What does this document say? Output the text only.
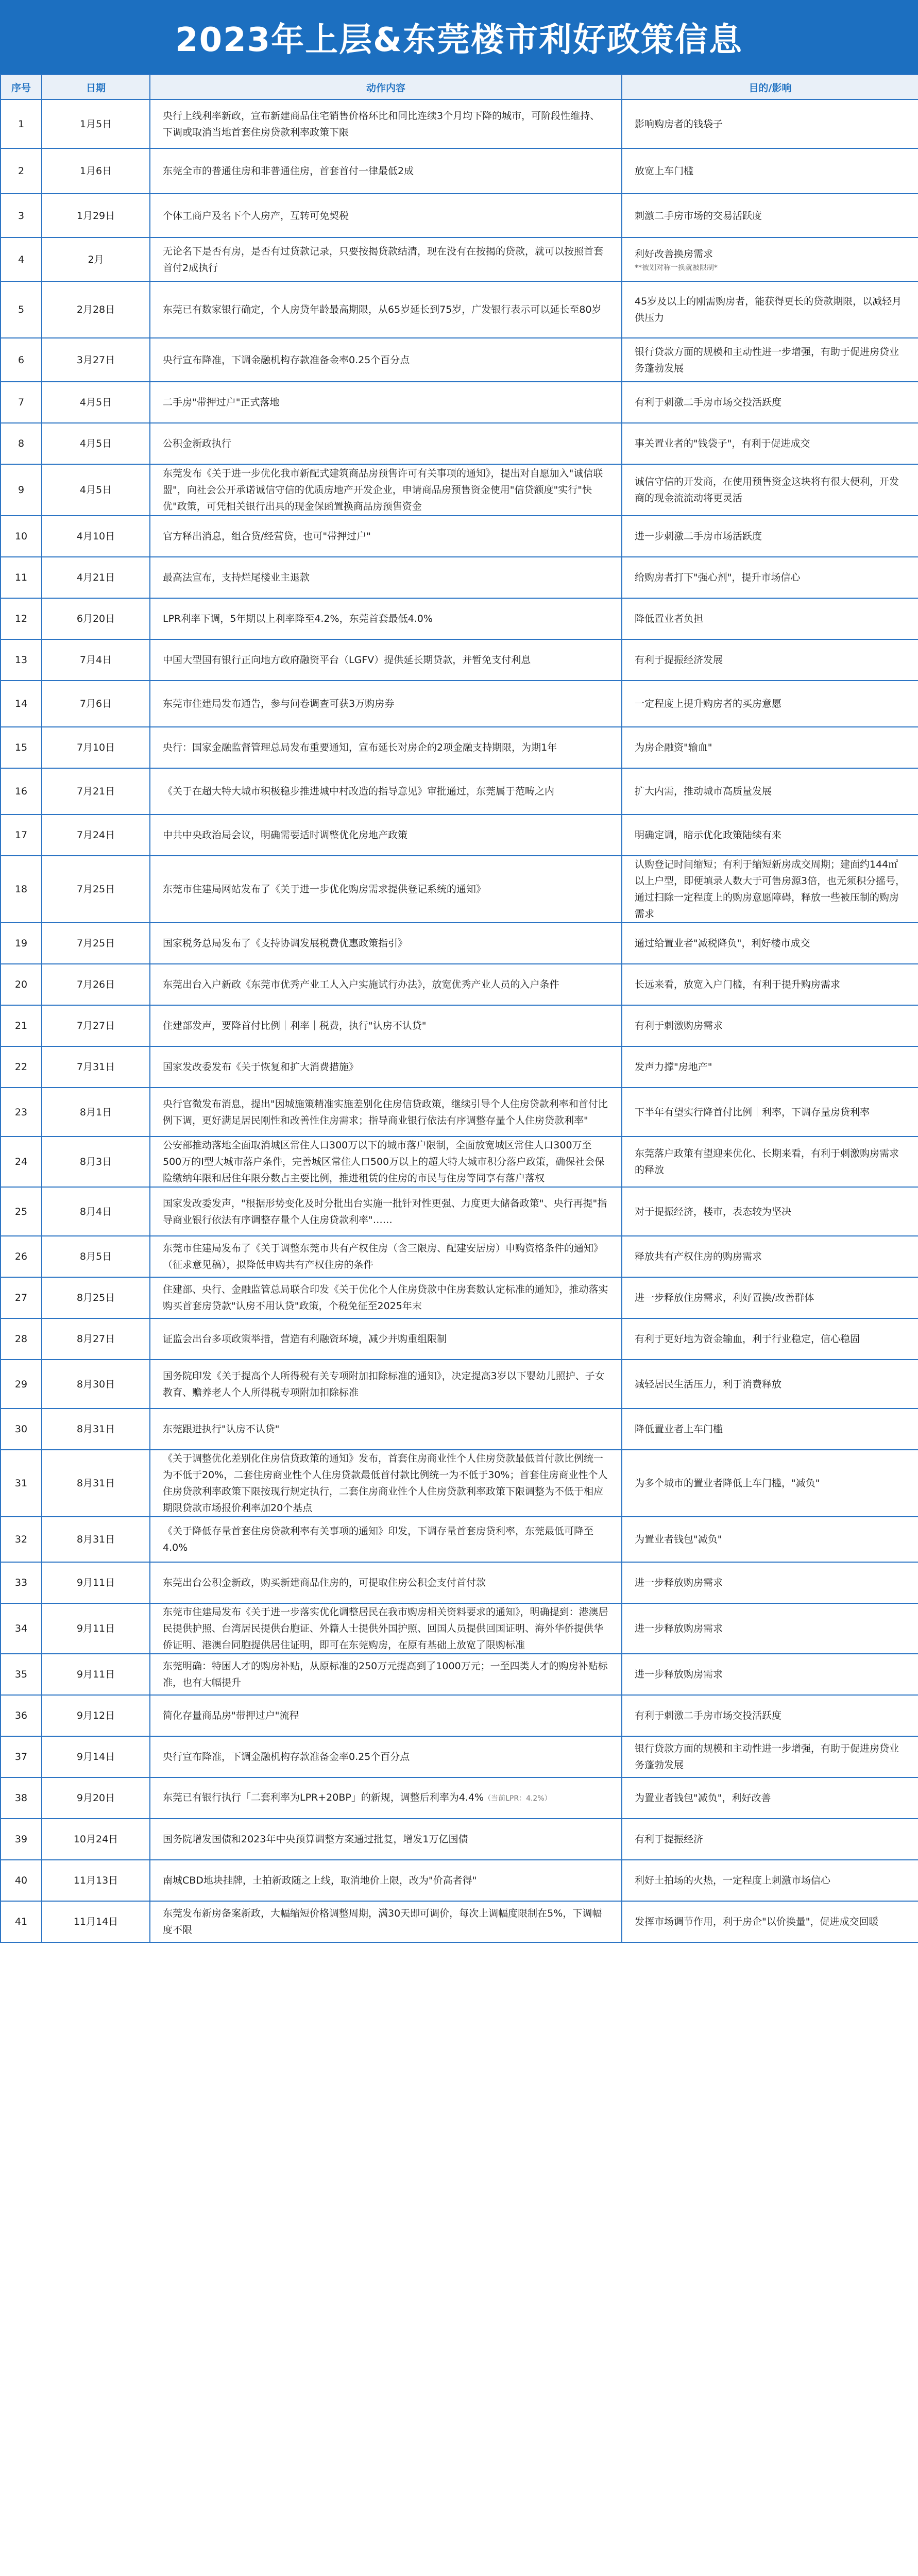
2023年上层&东莞楼市利好政策信息
序号	日期	动作内容	目的/影响
1	1月5日	央行上线利率新政，宣布新建商品住宅销售价格环比和同比连续3个月均下降的城市，可阶段性维持、下调或取消当地首套住房贷款利率政策下限	影响购房者的钱袋子
2	1月6日	东莞全市的普通住房和非普通住房，首套首付一律最低2成	放宽上车门槛
3	1月29日	个体工商户及名下个人房产，互转可免契税	刺激二手房市场的交易活跃度
4	2月	无论名下是否有房，是否有过贷款记录，只要按揭贷款结清，现在没有在按揭的贷款，就可以按照首套首付2成执行	利好改善换房需求
**被划对称一换就被限制*

5	2月28日	东莞已有数家银行确定，个人房贷年龄最高期限，从65岁延长到75岁，广发银行表示可以延长至80岁	45岁及以上的刚需购房者，能获得更长的贷款期限，以减轻月供压力
6	3月27日	央行宣布降准，下调金融机构存款准备金率0.25个百分点	银行贷款方面的规模和主动性进一步增强，有助于促进房贷业务蓬勃发展
7	4月5日	二手房"带押过户"正式落地	有利于刺激二手房市场交投活跃度
8	4月5日	公积金新政执行	事关置业者的"钱袋子"，有利于促进成交
9	4月5日	东莞发布《关于进一步优化我市新配式建筑商品房预售许可有关事项的通知》，提出对自愿加入"诚信联盟"，向社会公开承诺诚信守信的优质房地产开发企业，申请商品房预售资金使用"信贷额度"实行"快优"政策，可凭相关银行出具的现金保函置换商品房预售资金	诚信守信的开发商，在使用预售资金这块将有很大便利，开发商的现金流流动将更灵活
10	4月10日	官方释出消息，组合贷/经营贷，也可"带押过户"	进一步刺激二手房市场活跃度
11	4月21日	最高法宣布，支持烂尾楼业主退款	给购房者打下"强心剂"，提升市场信心
12	6月20日	LPR利率下调，5年期以上利率降至4.2%，东莞首套最低4.0%	降低置业者负担
13	7月4日	中国大型国有银行正向地方政府融资平台（LGFV）提供延长期贷款，并暂免支付利息	有利于提振经济发展
14	7月6日	东莞市住建局发布通告，参与问卷调查可获3万购房券	一定程度上提升购房者的买房意愿
15	7月10日	央行：国家金融监督管理总局发布重要通知，宣布延长对房企的2项金融支持期限，为期1年	为房企融资"输血"
16	7月21日	《关于在超大特大城市积极稳步推进城中村改造的指导意见》审批通过，东莞属于范畴之内	扩大内需，推动城市高质量发展
17	7月24日	中共中央政治局会议，明确需要适时调整优化房地产政策	明确定调，暗示优化政策陆续有来
18	7月25日	东莞市住建局网站发布了《关于进一步优化购房需求提供登记系统的通知》	认购登记时间缩短；有利于缩短新房成交周期；建面约144㎡以上户型，即便填录人数大于可售房源3倍，也无须积分摇号，通过扫除一定程度上的购房意愿障碍，释放一些被压制的购房需求
19	7月25日	国家税务总局发布了《支持协调发展税费优惠政策指引》	通过给置业者"减税降负"，利好楼市成交
20	7月26日	东莞出台入户新政《东莞市优秀产业工人入户实施试行办法》，放宽优秀产业人员的入户条件	长远来看，放宽入户门槛，有利于提升购房需求
21	7月27日	住建部发声，要降首付比例｜利率｜税费，执行"认房不认贷"	有利于刺激购房需求
22	7月31日	国家发改委发布《关于恢复和扩大消费措施》	发声力撑"房地产"
23	8月1日	央行官微发布消息，提出"因城施策精准实施差别化住房信贷政策，继续引导个人住房贷款利率和首付比例下调，更好满足居民刚性和改善性住房需求；指导商业银行依法有序调整存量个人住房贷款利率"	下半年有望实行降首付比例｜利率，下调存量房贷利率
24	8月3日	公安部推动落地全面取消城区常住人口300万以下的城市落户限制，全面放宽城区常住人口300万至500万的I型大城市落户条件，完善城区常住人口500万以上的超大特大城市积分落户政策，确保社会保险缴纳年限和居住年限分数占主要比例，推进租赁的住房的市民与住房等同享有落户落权	东莞落户政策有望迎来优化、长期来看，有利于刺激购房需求的释放
25	8月4日	国家发改委发声，"根据形势变化及时分批出台实施一批针对性更强、力度更大储备政策"、央行再提"指导商业银行依法有序调整存量个人住房贷款利率"……	对于提振经济，楼市，表态较为坚决
26	8月5日	东莞市住建局发布了《关于调整东莞市共有产权住房（含三限房、配建安居房）申购资格条件的通知》（征求意见稿），拟降低申购共有产权住房的条件	释放共有产权住房的购房需求
27	8月25日	住建部、央行、金融监管总局联合印发《关于优化个人住房贷款中住房套数认定标准的通知》，推动落实购买首套房贷款"认房不用认贷"政策，个税免征至2025年末	进一步释放住房需求，利好置换/改善群体
28	8月27日	证监会出台多项政策举措，营造有利融资环境，减少并购重组限制	有利于更好地为资金输血，利于行业稳定，信心稳固
29	8月30日	国务院印发《关于提高个人所得税有关专项附加扣除标准的通知》，决定提高3岁以下婴幼儿照护、子女教育、赡养老人个人所得税专项附加扣除标准	减轻居民生活压力，利于消费释放
30	8月31日	东莞跟进执行"认房不认贷"	降低置业者上车门槛
31	8月31日	《关于调整优化差别化住房信贷政策的通知》发布，首套住房商业性个人住房贷款最低首付款比例统一为不低于20%，二套住房商业性个人住房贷款最低首付款比例统一为不低于30%；首套住房商业性个人住房贷款利率政策下限按现行规定执行，二套住房商业性个人住房贷款利率政策下限调整为不低于相应期限贷款市场报价利率加20个基点	为多个城市的置业者降低上车门槛，"减负"
32	8月31日	《关于降低存量首套住房贷款利率有关事项的通知》印发，下调存量首套房贷利率，东莞最低可降至4.0%	为置业者钱包"减负"
33	9月11日	东莞出台公积金新政，购买新建商品住房的，可提取住房公积金支付首付款	进一步释放购房需求
34	9月11日	东莞市住建局发布《关于进一步落实优化调整居民在我市购房相关资料要求的通知》，明确提到：港澳居民提供护照、台湾居民提供台胞证、外籍人士提供外国护照、回国人员提供回国证明、海外华侨提供华侨证明、港澳台同胞提供居住证明，即可在东莞购房，在原有基础上放宽了限购标准	进一步释放购房需求
35	9月11日	东莞明确：特困人才的购房补贴，从原标准的250万元提高到了1000万元；一至四类人才的购房补贴标准，也有大幅提升	进一步释放购房需求
36	9月12日	简化存量商品房"带押过户"流程	有利于刺激二手房市场交投活跃度
37	9月14日	央行宣布降准，下调金融机构存款准备金率0.25个百分点	银行贷款方面的规模和主动性进一步增强，有助于促进房贷业务蓬勃发展
38	9月20日	东莞已有银行执行「二套利率为LPR+20BP」的新规，调整后利率为4.4%（当前LPR：4.2%）	为置业者钱包"减负"，利好改善
39	10月24日	国务院增发国债和2023年中央预算调整方案通过批复，增发1万亿国债	有利于提振经济
40	11月13日	南城CBD地块挂牌，土拍新政随之上线，取消地价上限，改为"价高者得"	利好土拍场的火热，一定程度上刺激市场信心
41	11月14日	东莞发布新房备案新政，大幅缩短价格调整周期，满30天即可调价，每次上调幅度限制在5%，下调幅度不限	发挥市场调节作用，利于房企"以价换量"，促进成交回暖
